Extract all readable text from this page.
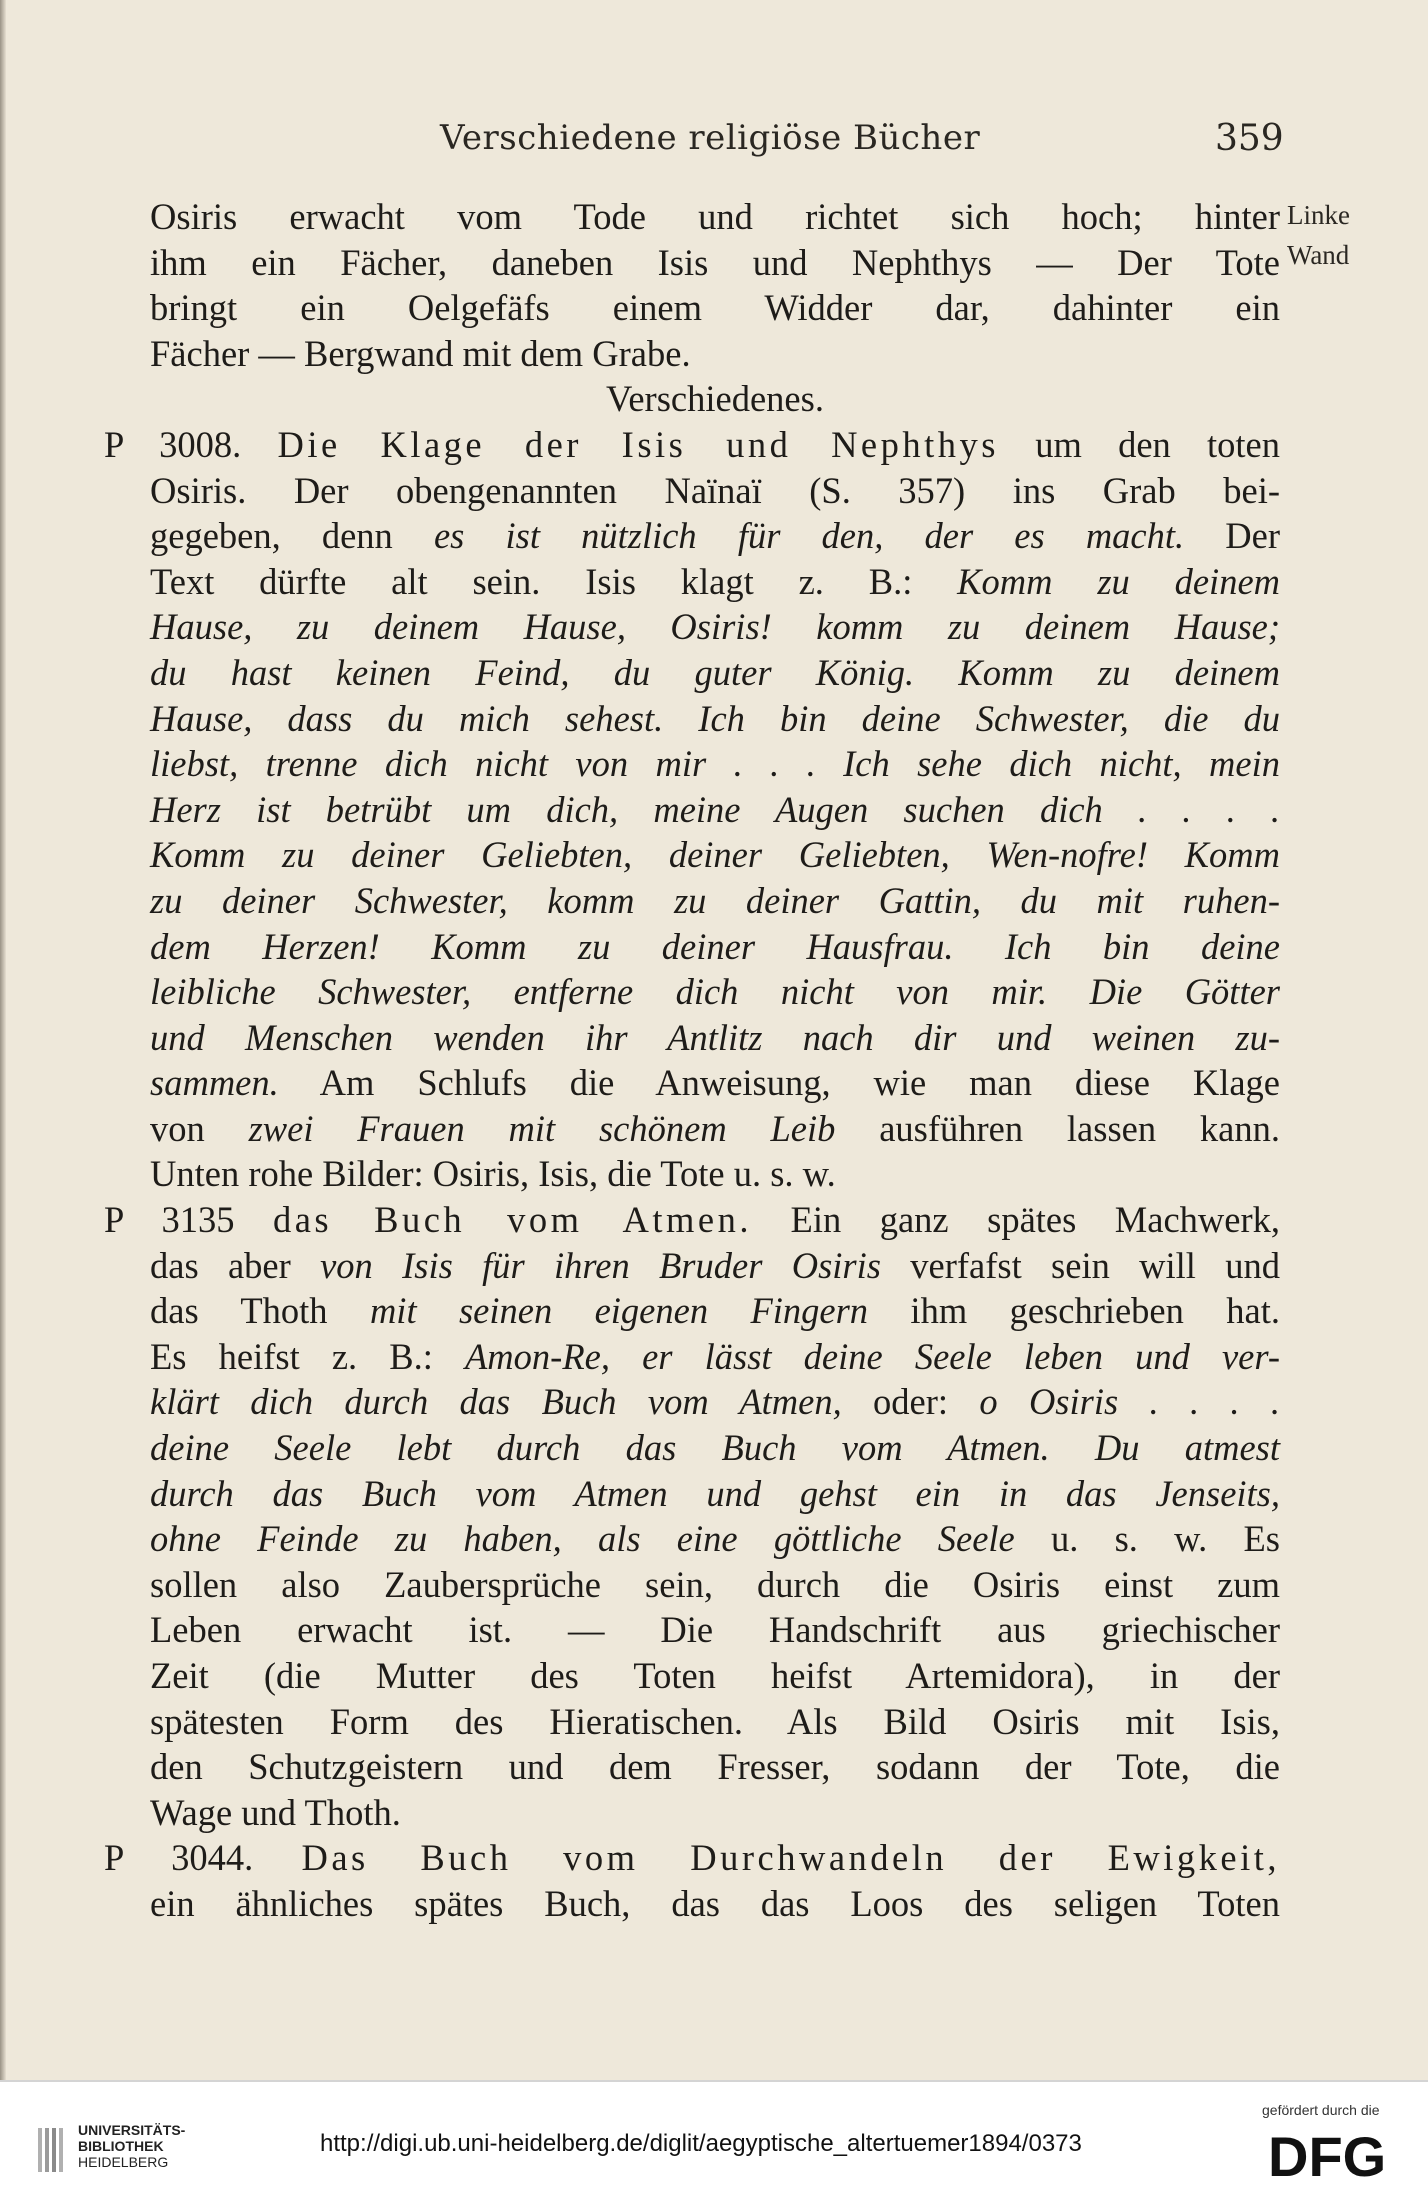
Verschiedene religiöse Bücher	359
Linke
Wand
Osiris erwacht vom Tode und richtet sich hoch; hinter
ihm ein Fächer, daneben Isis und Nephthys — Der Tote
bringt ein Oelgefäfs einem Widder dar, dahinter ein
Fächer — Bergwand mit dem Grabe.
Verschiedenes.
P 3008. Die Klage der Isis und Nephthys um den toten
Osiris. Der obengenannten Naïnaï (S. 357) ins Grab bei-
gegeben, denn es ist nützlich für den, der es macht. Der
Text dürfte alt sein. Isis klagt z. B.: Komm zu deinem
Hause, zu deinem Hause, Osiris! komm zu deinem Hause;
du hast keinen Feind, du guter König. Komm zu deinem
Hause, dass du mich sehest. Ich bin deine Schwester, die du
liebst, trenne dich nicht von mir . . . Ich sehe dich nicht, mein
Herz ist betrübt um dich, meine Augen suchen dich . . . .
Komm zu deiner Geliebten, deiner Geliebten, Wen-nofre! Komm
zu deiner Schwester, komm zu deiner Gattin, du mit ruhen-
dem Herzen! Komm zu deiner Hausfrau. Ich bin deine
leibliche Schwester, entferne dich nicht von mir. Die Götter
und Menschen wenden ihr Antlitz nach dir und weinen zu-
sammen. Am Schlufs die Anweisung, wie man diese Klage
von zwei Frauen mit schönem Leib ausführen lassen kann.
Unten rohe Bilder: Osiris, Isis, die Tote u. s. w.
P 3135 das Buch vom Atmen. Ein ganz spätes Machwerk,
das aber von Isis für ihren Bruder Osiris verfafst sein will und
das Thoth mit seinen eigenen Fingern ihm geschrieben hat.
Es heifst z. B.: Amon-Re, er lässt deine Seele leben und ver-
klärt dich durch das Buch vom Atmen, oder: o Osiris . . . .
deine Seele lebt durch das Buch vom Atmen. Du atmest
durch das Buch vom Atmen und gehst ein in das Jenseits,
ohne Feinde zu haben, als eine göttliche Seele u. s. w. Es
sollen also Zaubersprüche sein, durch die Osiris einst zum
Leben erwacht ist. — Die Handschrift aus griechischer
Zeit (die Mutter des Toten heifst Artemidora), in der
spätesten Form des Hieratischen. Als Bild Osiris mit Isis,
den Schutzgeistern und dem Fresser, sodann der Tote, die
Wage und Thoth.
P 3044. Das Buch vom Durchwandeln der Ewigkeit,
ein ähnliches spätes Buch, das das Loos des seligen Toten
UNIVERSITÄTS-
BIBLIOTHEK
HEIDELBERG
http://digi.ub.uni-heidelberg.de/diglit/aegyptische_altertuemer1894/0373
gefördert durch die
DFG
